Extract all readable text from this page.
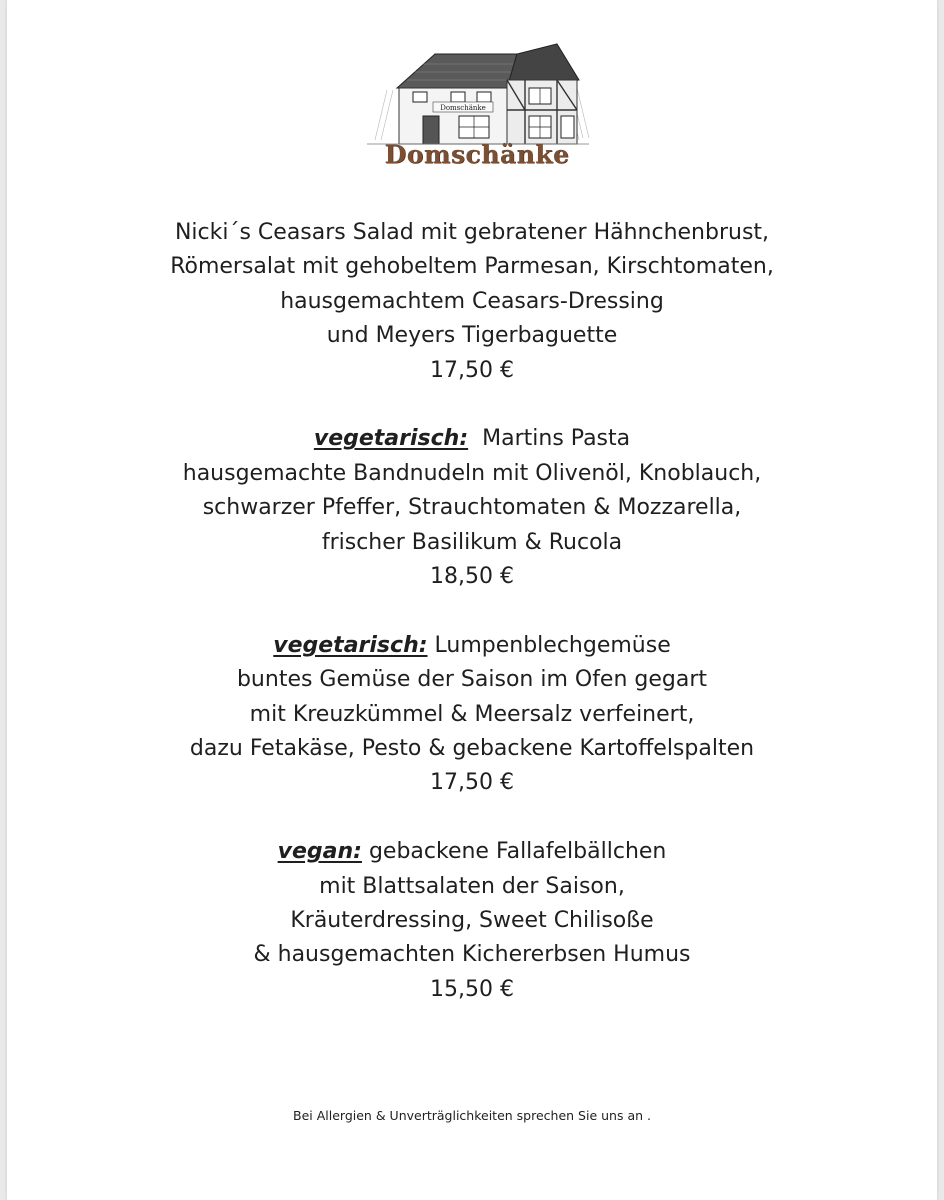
Domschänke
Domschänke
Nicki´s Ceasars Salad mit gebratener Hähnchenbrust,
Römersalat mit gehobeltem Parmesan, Kirschtomaten,
hausgemachtem Ceasars-Dressing
und Meyers Tigerbaguette
17,50 €
vegetarisch: Martins Pasta
hausgemachte Bandnudeln mit Olivenöl, Knoblauch,
schwarzer Pfeffer, Strauchtomaten & Mozzarella,
frischer Basilikum & Rucola
18,50 €
vegetarisch: Lumpenblechgemüse
buntes Gemüse der Saison im Ofen gegart
mit Kreuzkümmel & Meersalz verfeinert,
dazu Fetakäse, Pesto & gebackene Kartoffelspalten
17,50 €
vegan: gebackene Fallafelbällchen
mit Blattsalaten der Saison,
Kräuterdressing, Sweet Chilisoße
& hausgemachten Kichererbsen Humus
15,50 €
Bei Allergien & Unverträglichkeiten sprechen Sie uns an .
